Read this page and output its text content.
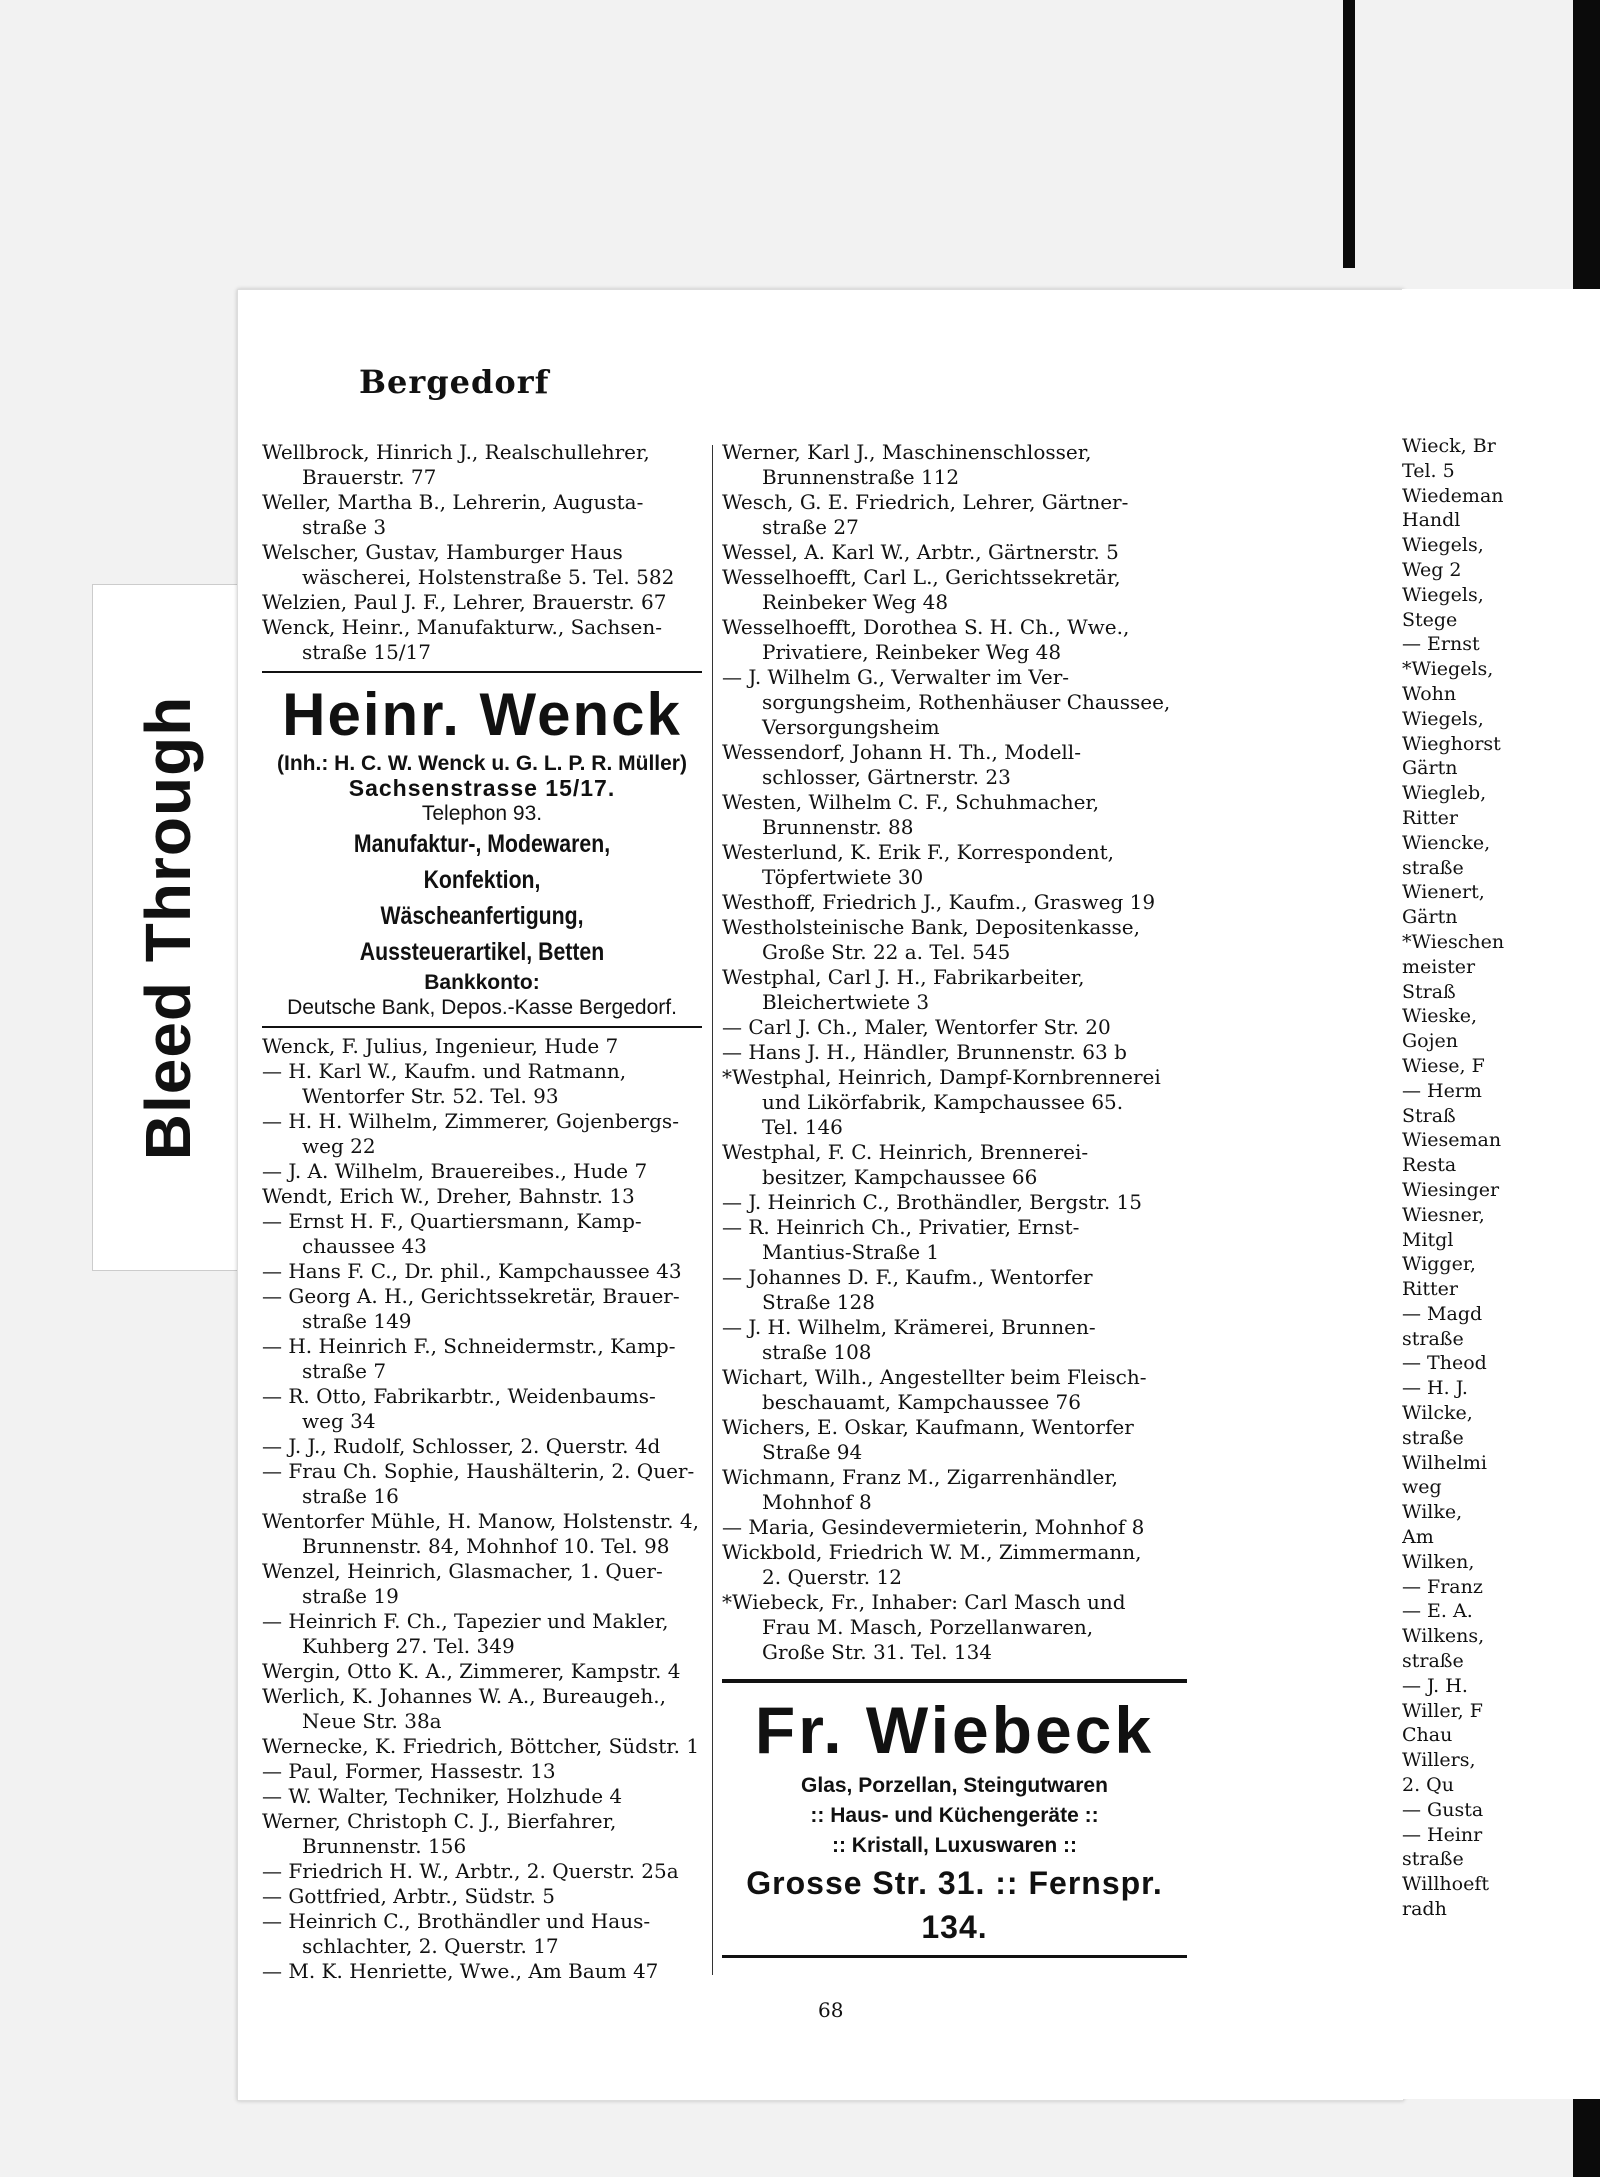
Bleed Through
Bergedorf
Wellbrock, Hinrich J., Realschullehrer,
Brauerstr. 77
Weller, Martha B., Lehrerin, Augusta-
straße 3
Welscher, Gustav, Hamburger Haus
wäscherei, Holstenstraße 5. Tel. 582
Welzien, Paul J. F., Lehrer, Brauerstr. 67
Wenck, Heinr., Manufakturw., Sachsen-
straße 15/17
Heinr. Wenck
(Inh.: H. C. W. Wenck u. G. L. P. R. Müller)
Sachsenstrasse 15/17.
Telephon 93.
Manufaktur-, Modewaren, Konfektion,
Wäscheanfertigung, Aussteuerartikel, Betten
Bankkonto:
Deutsche Bank, Depos.-Kasse Bergedorf.
Wenck, F. Julius, Ingenieur, Hude 7
— H. Karl W., Kaufm. und Ratmann,
Wentorfer Str. 52. Tel. 93
— H. H. Wilhelm, Zimmerer, Gojenbergs-
weg 22
— J. A. Wilhelm, Brauereibes., Hude 7
Wendt, Erich W., Dreher, Bahnstr. 13
— Ernst H. F., Quartiersmann, Kamp-
chaussee 43
— Hans F. C., Dr. phil., Kampchaussee 43
— Georg A. H., Gerichtssekretär, Brauer-
straße 149
— H. Heinrich F., Schneidermstr., Kamp-
straße 7
— R. Otto, Fabrikarbtr., Weidenbaums-
weg 34
— J. J., Rudolf, Schlosser, 2. Querstr. 4d
— Frau Ch. Sophie, Haushälterin, 2. Quer-
straße 16
Wentorfer Mühle, H. Manow, Holstenstr. 4,
Brunnenstr. 84, Mohnhof 10. Tel. 98
Wenzel, Heinrich, Glasmacher, 1. Quer-
straße 19
— Heinrich F. Ch., Tapezier und Makler,
Kuhberg 27. Tel. 349
Wergin, Otto K. A., Zimmerer, Kampstr. 4
Werlich, K. Johannes W. A., Bureaugeh.,
Neue Str. 38a
Wernecke, K. Friedrich, Böttcher, Südstr. 1
— Paul, Former, Hassestr. 13
— W. Walter, Techniker, Holzhude 4
Werner, Christoph C. J., Bierfahrer,
Brunnenstr. 156
— Friedrich H. W., Arbtr., 2. Querstr. 25a
— Gottfried, Arbtr., Südstr. 5
— Heinrich C., Brothändler und Haus-
schlachter, 2. Querstr. 17
— M. K. Henriette, Wwe., Am Baum 47
Werner, Karl J., Maschinenschlosser,
Brunnenstraße 112
Wesch, G. E. Friedrich, Lehrer, Gärtner-
straße 27
Wessel, A. Karl W., Arbtr., Gärtnerstr. 5
Wesselhoefft, Carl L., Gerichtssekretär,
Reinbeker Weg 48
Wesselhoefft, Dorothea S. H. Ch., Wwe.,
Privatiere, Reinbeker Weg 48
— J. Wilhelm G., Verwalter im Ver-
sorgungsheim, Rothenhäuser Chaussee,
Versorgungsheim
Wessendorf, Johann H. Th., Modell-
schlosser, Gärtnerstr. 23
Westen, Wilhelm C. F., Schuhmacher,
Brunnenstr. 88
Westerlund, K. Erik F., Korrespondent,
Töpfertwiete 30
Westhoff, Friedrich J., Kaufm., Grasweg 19
Westholsteinische Bank, Depositenkasse,
Große Str. 22 a. Tel. 545
Westphal, Carl J. H., Fabrikarbeiter,
Bleichertwiete 3
— Carl J. Ch., Maler, Wentorfer Str. 20
— Hans J. H., Händler, Brunnenstr. 63 b
*Westphal, Heinrich, Dampf-Kornbrennerei
und Likörfabrik, Kampchaussee 65.
Tel. 146
Westphal, F. C. Heinrich, Brennerei-
besitzer, Kampchaussee 66
— J. Heinrich C., Brothändler, Bergstr. 15
— R. Heinrich Ch., Privatier, Ernst-
Mantius-Straße 1
— Johannes D. F., Kaufm., Wentorfer
Straße 128
— J. H. Wilhelm, Krämerei, Brunnen-
straße 108
Wichart, Wilh., Angestellter beim Fleisch-
beschauamt, Kampchaussee 76
Wichers, E. Oskar, Kaufmann, Wentorfer
Straße 94
Wichmann, Franz M., Zigarrenhändler,
Mohnhof 8
— Maria, Gesindevermieterin, Mohnhof 8
Wickbold, Friedrich W. M., Zimmermann,
2. Querstr. 12
*Wiebeck, Fr., Inhaber: Carl Masch und
Frau M. Masch, Porzellanwaren,
Große Str. 31. Tel. 134
Fr. Wiebeck
Glas, Porzellan, Steingutwaren
:: Haus- und Küchengeräte ::
:: Kristall, Luxuswaren ::
Grosse Str. 31. :: Fernspr. 134.
68
Wieck, Br
Tel. 5
Wiedeman
Handl
Wiegels,
Weg 2
Wiegels,
Stege
— Ernst
*Wiegels,
Wohn
Wiegels,
Wieghorst
Gärtn
Wiegleb,
Ritter
Wiencke,
straße
Wienert,
Gärtn
*Wieschen
meister
Straß
Wieske,
Gojen
Wiese, F
— Herm
Straß
Wieseman
Resta
Wiesinger
Wiesner,
Mitgl
Wigger,
Ritter
— Magd
straße
— Theod
— H. J.
Wilcke,
straße
Wilhelmi
weg
Wilke,
Am
Wilken,
— Franz
— E. A.
Wilkens,
straße
— J. H.
Willer, F
Chau
Willers,
2. Qu
— Gusta
— Heinr
straße
Willhoeft
radh
